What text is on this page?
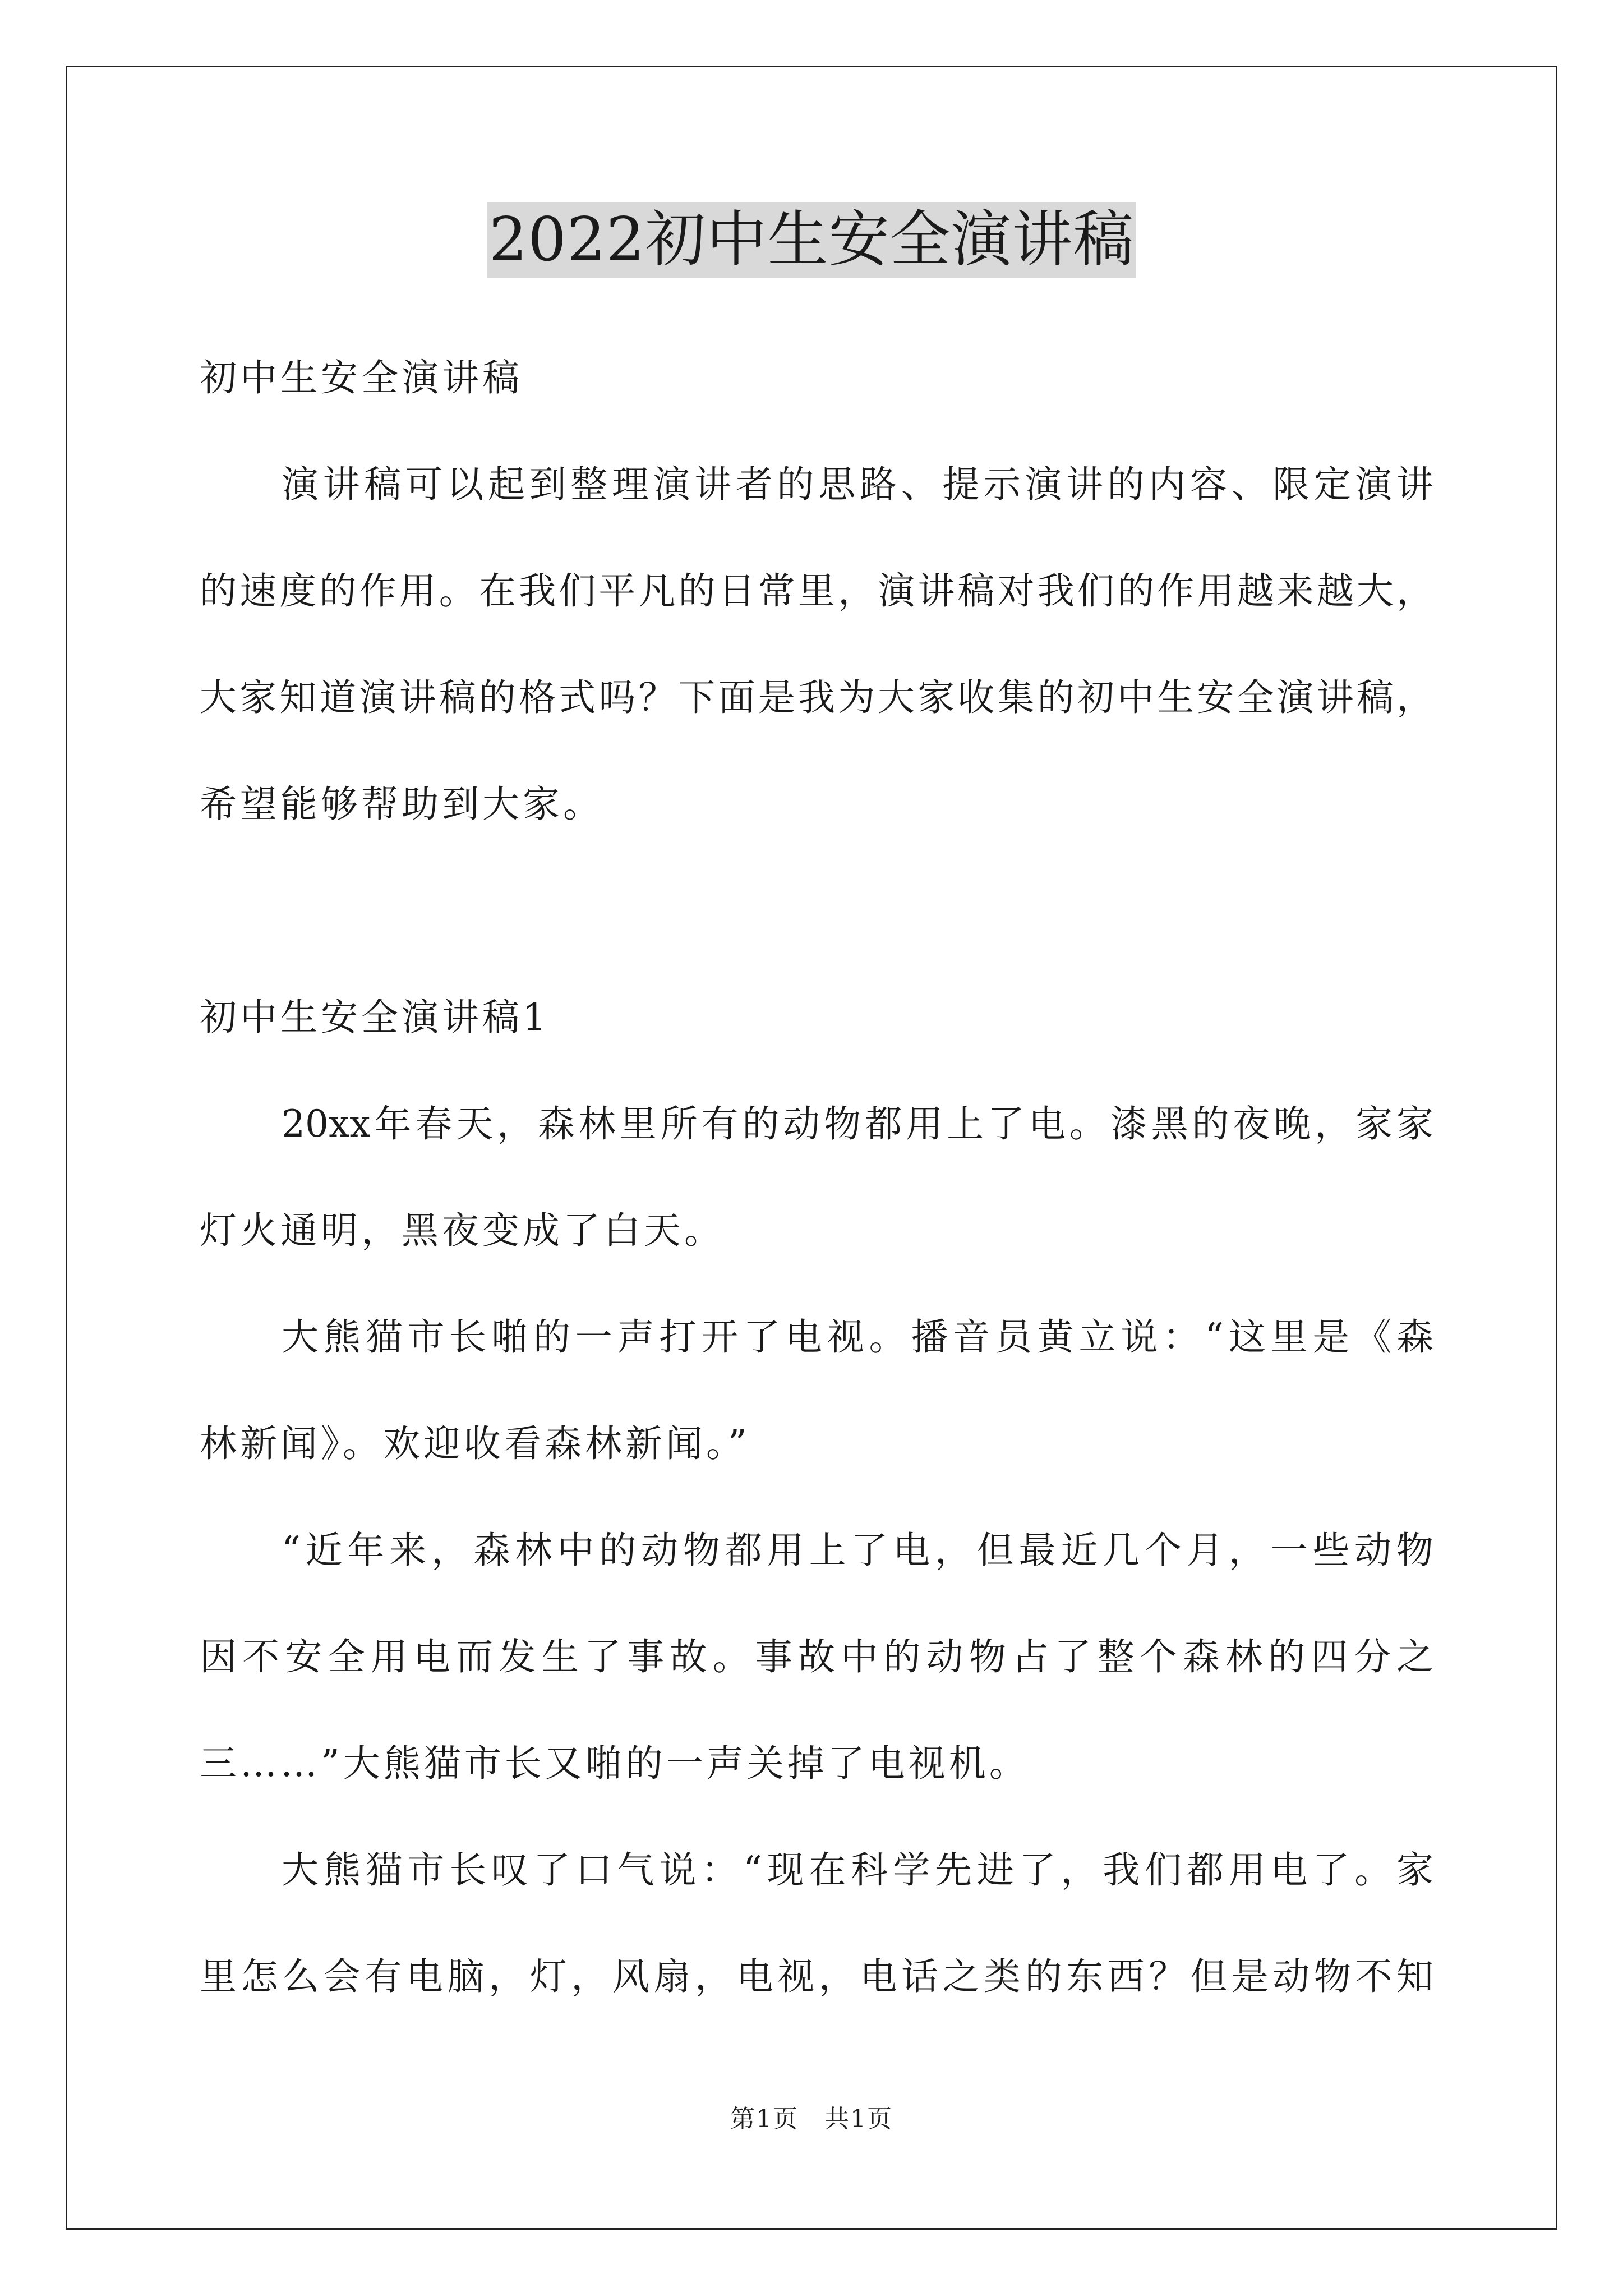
2022初中生安全演讲稿
初中生安全演讲稿
演讲稿可以起到整理演讲者的思路、提示演讲的内容、限定演讲
的速度的作用。在我们平凡的日常里，演讲稿对我们的作用越来越大，
大家知道演讲稿的格式吗？下面是我为大家收集的初中生安全演讲稿，
希望能够帮助到大家。
初中生安全演讲稿1
20xx年春天，森林里所有的动物都用上了电。漆黑的夜晚，家家
灯火通明，黑夜变成了白天。
大熊猫市长啪的一声打开了电视。播音员黄立说：“这里是《森
林新闻》。欢迎收看森林新闻。”
“近年来，森林中的动物都用上了电，但最近几个月，一些动物
因不安全用电而发生了事故。事故中的动物占了整个森林的四分之
三……”大熊猫市长又啪的一声关掉了电视机。
大熊猫市长叹了口气说：“现在科学先进了，我们都用电了。家
里怎么会有电脑，灯，风扇，电视，电话之类的东西？但是动物不知
第1页　共1页
